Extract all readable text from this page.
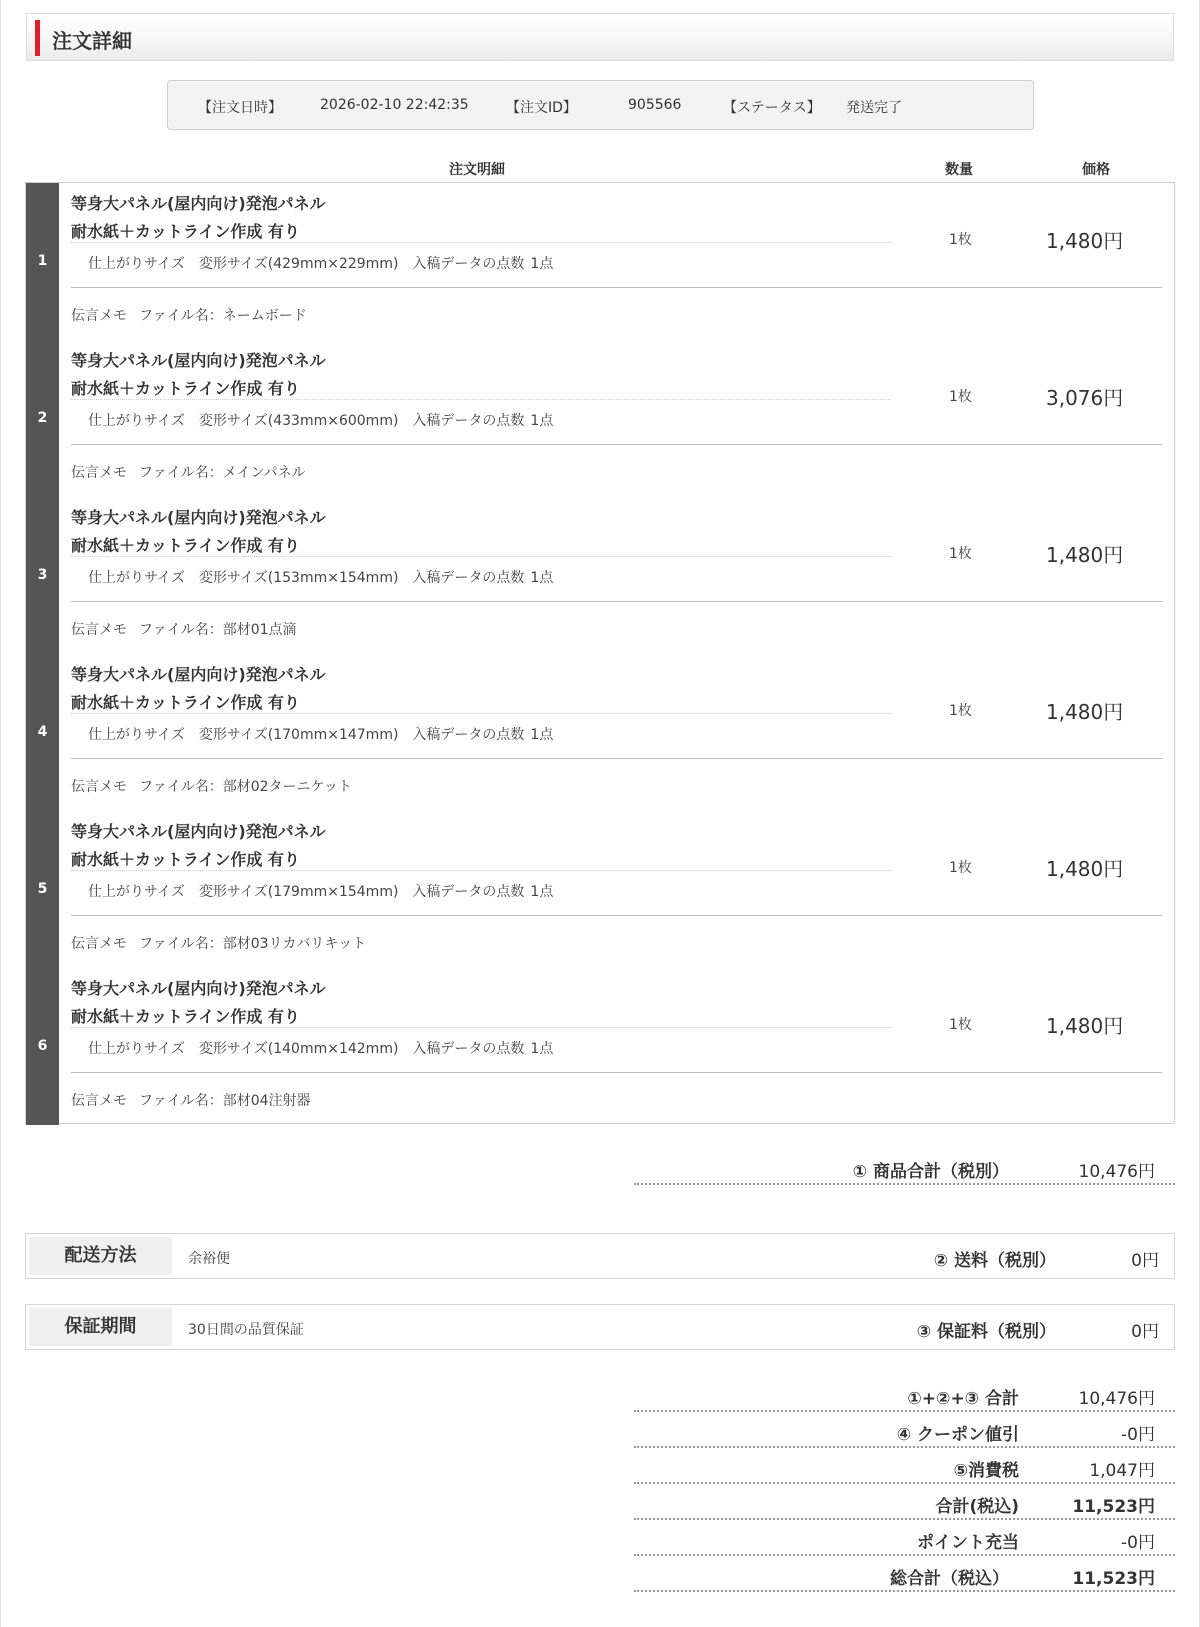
注文詳細
【注文日時】	2026-02-10 22:42:35	【注文ID】	905566	【ステータス】 発送完了
注文明細	数量	価格
1
等身大パネル(屋内向け)発泡パネル
耐水紙＋カットライン作成 有り
仕上がりサイズ 変形サイズ(429mm×229mm) 入稿データの点数 1点
1枚	1,480円
伝言メモ ファイル名：ネームボード
2
等身大パネル(屋内向け)発泡パネル
耐水紙＋カットライン作成 有り
仕上がりサイズ 変形サイズ(433mm×600mm) 入稿データの点数 1点
1枚	3,076円
伝言メモ ファイル名：メインパネル
3
等身大パネル(屋内向け)発泡パネル
耐水紙＋カットライン作成 有り
仕上がりサイズ 変形サイズ(153mm×154mm) 入稿データの点数 1点
1枚	1,480円
伝言メモ ファイル名：部材01点滴
4
等身大パネル(屋内向け)発泡パネル
耐水紙＋カットライン作成 有り
仕上がりサイズ 変形サイズ(170mm×147mm) 入稿データの点数 1点
1枚	1,480円
伝言メモ ファイル名：部材02ターニケット
5
等身大パネル(屋内向け)発泡パネル
耐水紙＋カットライン作成 有り
仕上がりサイズ 変形サイズ(179mm×154mm) 入稿データの点数 1点
1枚	1,480円
伝言メモ ファイル名：部材03リカバリキット
6
等身大パネル(屋内向け)発泡パネル
耐水紙＋カットライン作成 有り
仕上がりサイズ 変形サイズ(140mm×142mm) 入稿データの点数 1点
1枚	1,480円
伝言メモ ファイル名：部材04注射器
① 商品合計（税別）	10,476円
配送方法	余裕便	② 送料（税別）	0円
保証期間	30日間の品質保証	③ 保証料（税別）	0円
①+②+③ 合計	10,476円
④ クーポン値引	-0円
⑤消費税	1,047円
合計(税込)	11,523円
ポイント充当	-0円
総合計（税込）	11,523円
